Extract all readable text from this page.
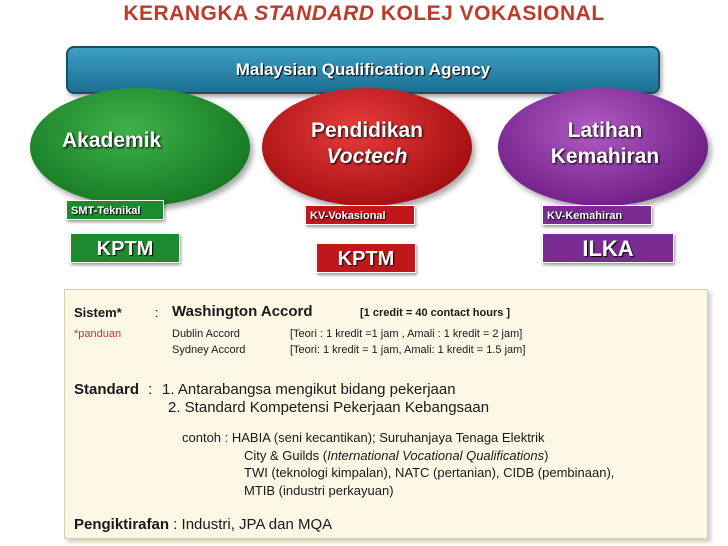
KERANGKA STANDARD KOLEJ VOKASIONAL
Malaysian Qualification Agency
Akademik	Pendidikan
Voctech
Latihan
Kemahiran
SMT-Teknikal	KV-Vokasional	KV-Kemahiran
KPTM	KPTM	ILKA
Sistem*	: Washington Accord	[1 credit = 40 contact hours ]
*panduan	Dublin Accord	[Teori : 1 kredit =1 jam , Amali : 1 kredit = 2 jam]
Sydney Accord	[Teori: 1 kredit = 1 jam, Amali: 1 kredit = 1.5 jam]
Standard : 1. Antarabangsa mengikut bidang pekerjaan
2. Standard Kompetensi Pekerjaan Kebangsaan
contoh : HABIA (seni kecantikan); Suruhanjaya Tenaga Elektrik
City & Guilds (International Vocational Qualifications)
TWI (teknologi kimpalan), NATC (pertanian), CIDB (pembinaan),
MTIB (industri perkayuan)
Pengiktirafan : Industri, JPA dan MQA
